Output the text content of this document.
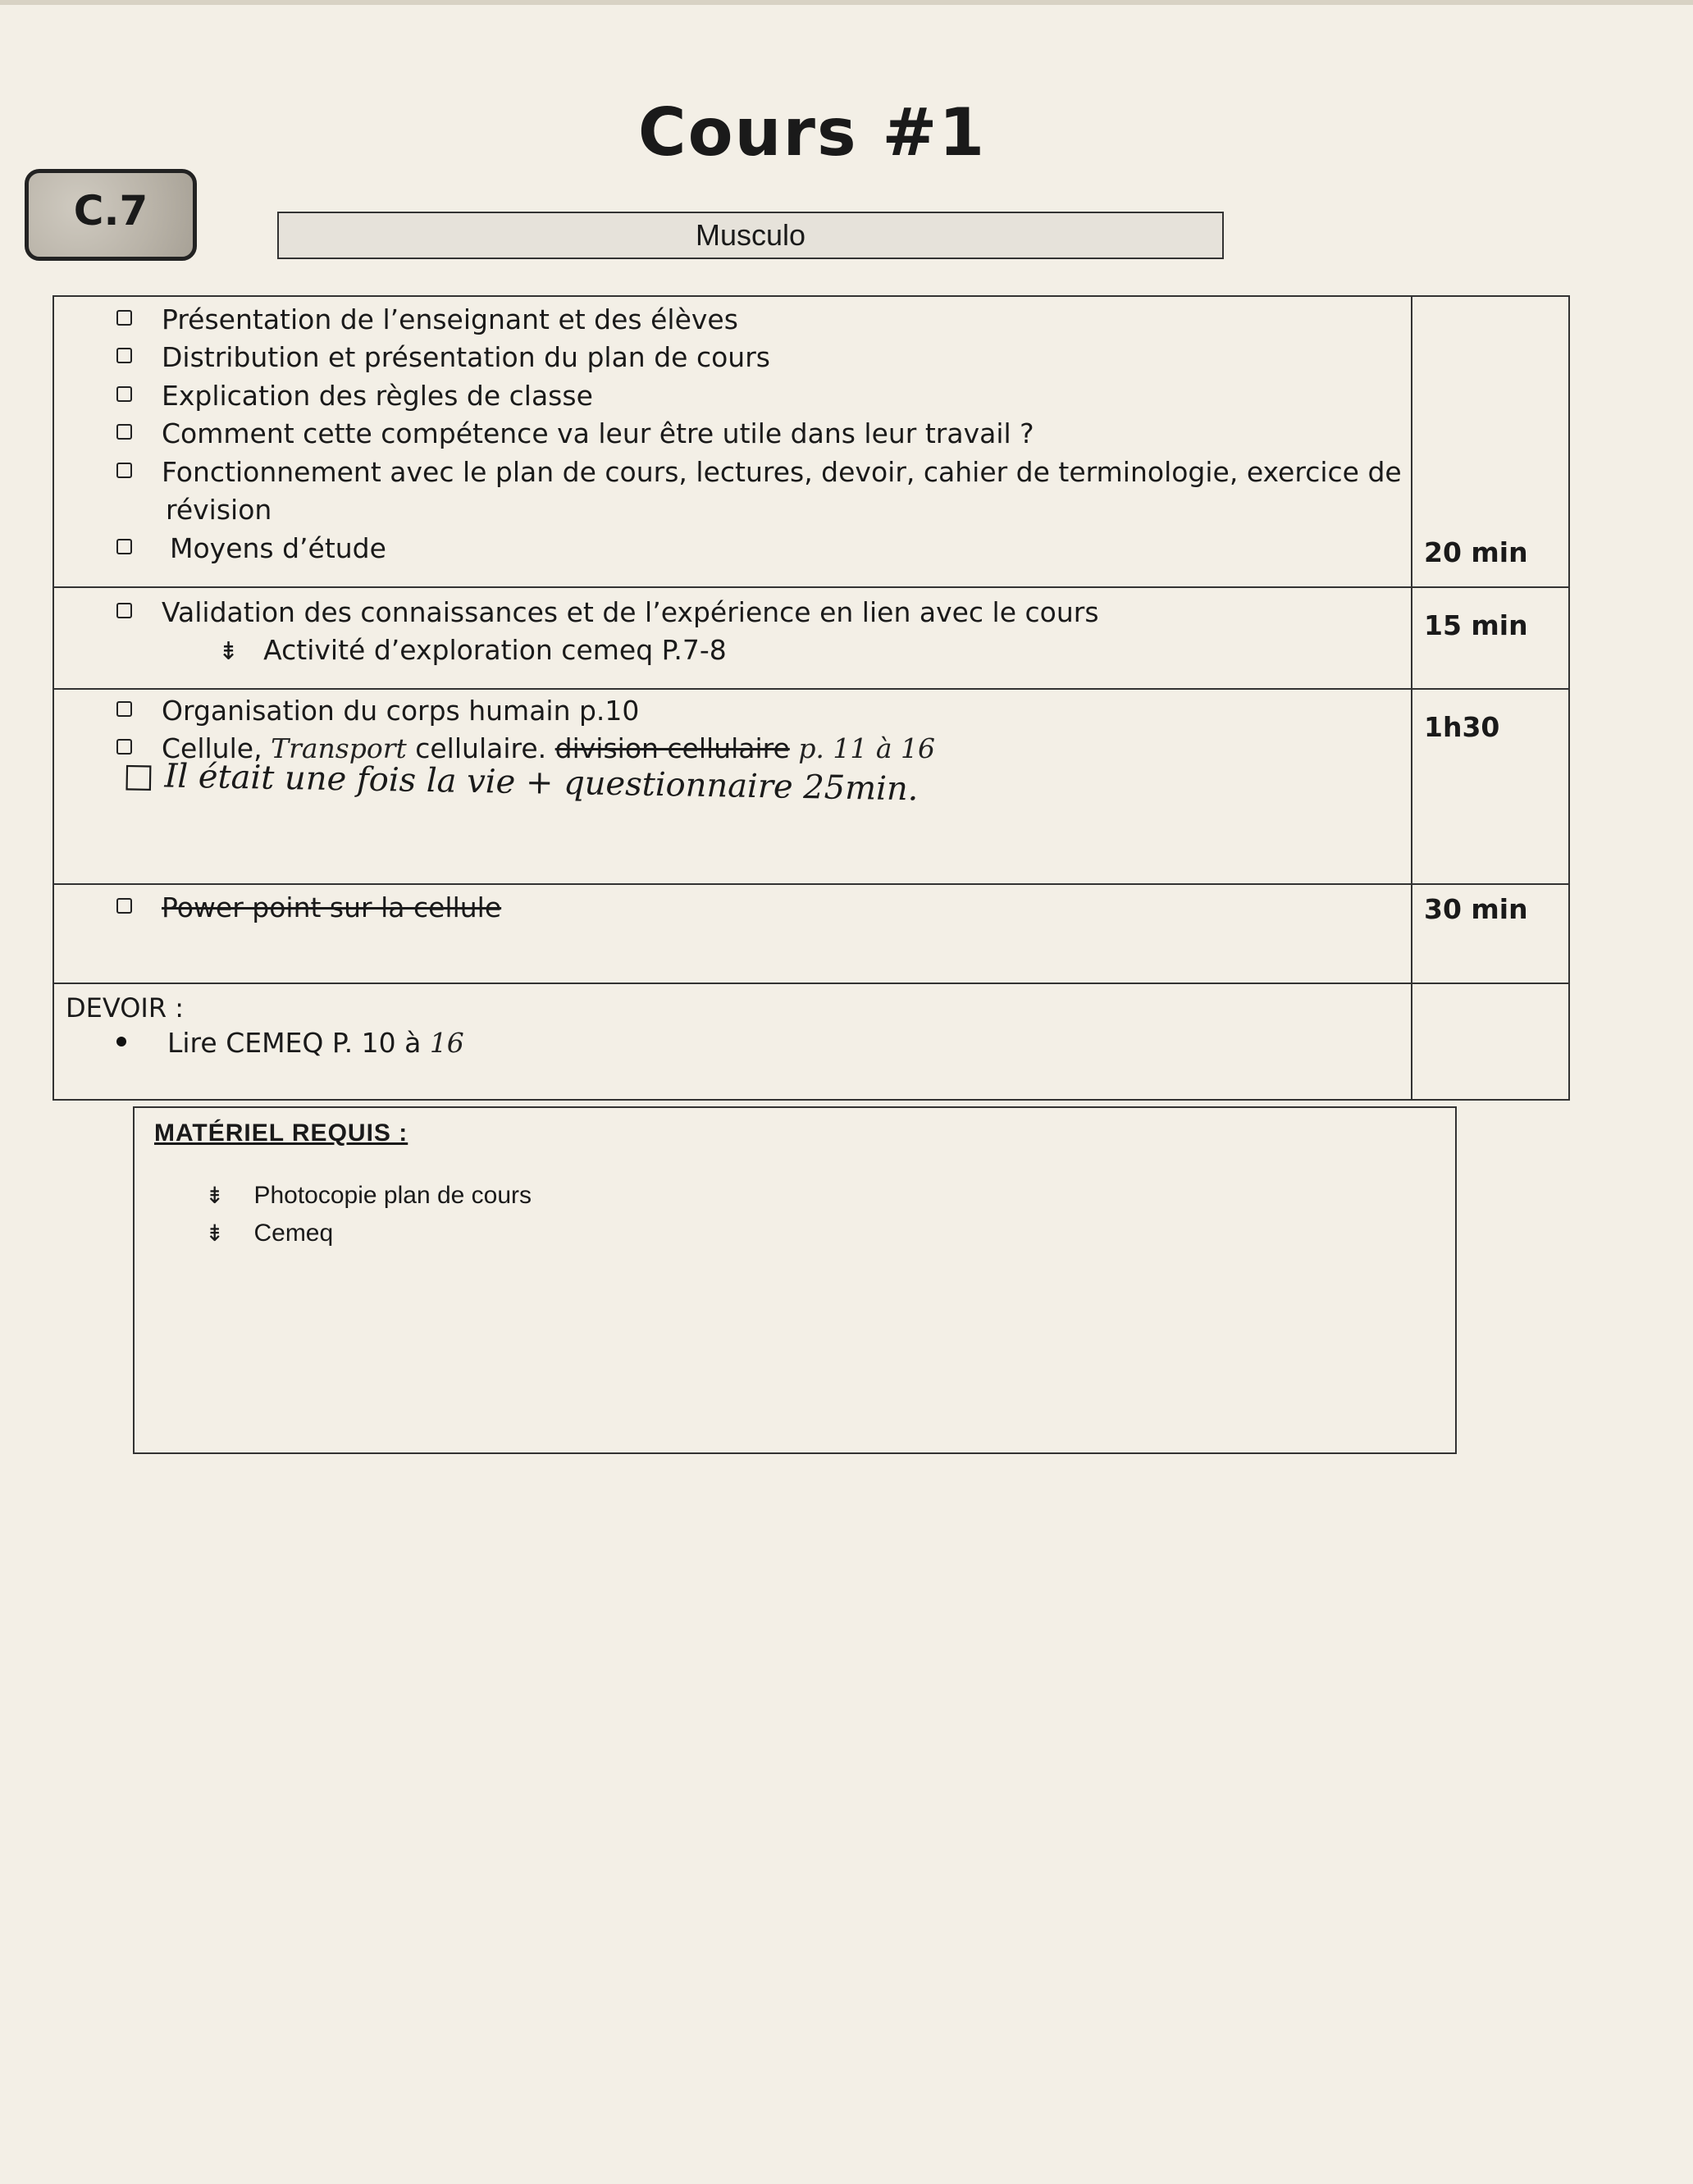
Cours #1
C.7
Musculo
Présentation de l’enseignant et des élèves
Distribution et présentation du plan de cours
Explication des règles de classe
Comment cette compétence va leur être utile dans leur travail ?
Fonctionnement avec le plan de cours, lectures, devoir, cahier de terminologie, exercice de
révision
Moyens d’étude	20 min
Validation des connaissances et de l’expérience en lien avec le cours
⇟ Activité d’exploration cemeq P.7-8
15 min
Organisation du corps humain p.10
Cellule, Transport cellulaire. division cellulaire p. 11 à 16
□ Il était une fois la vie + questionnaire 25min.
1h30
Power point sur la cellule	30 min
DEVOIR :
Lire CEMEQ P. 10 à 16
MATÉRIEL REQUIS :
⇟ Photocopie plan de cours
⇟ Cemeq
